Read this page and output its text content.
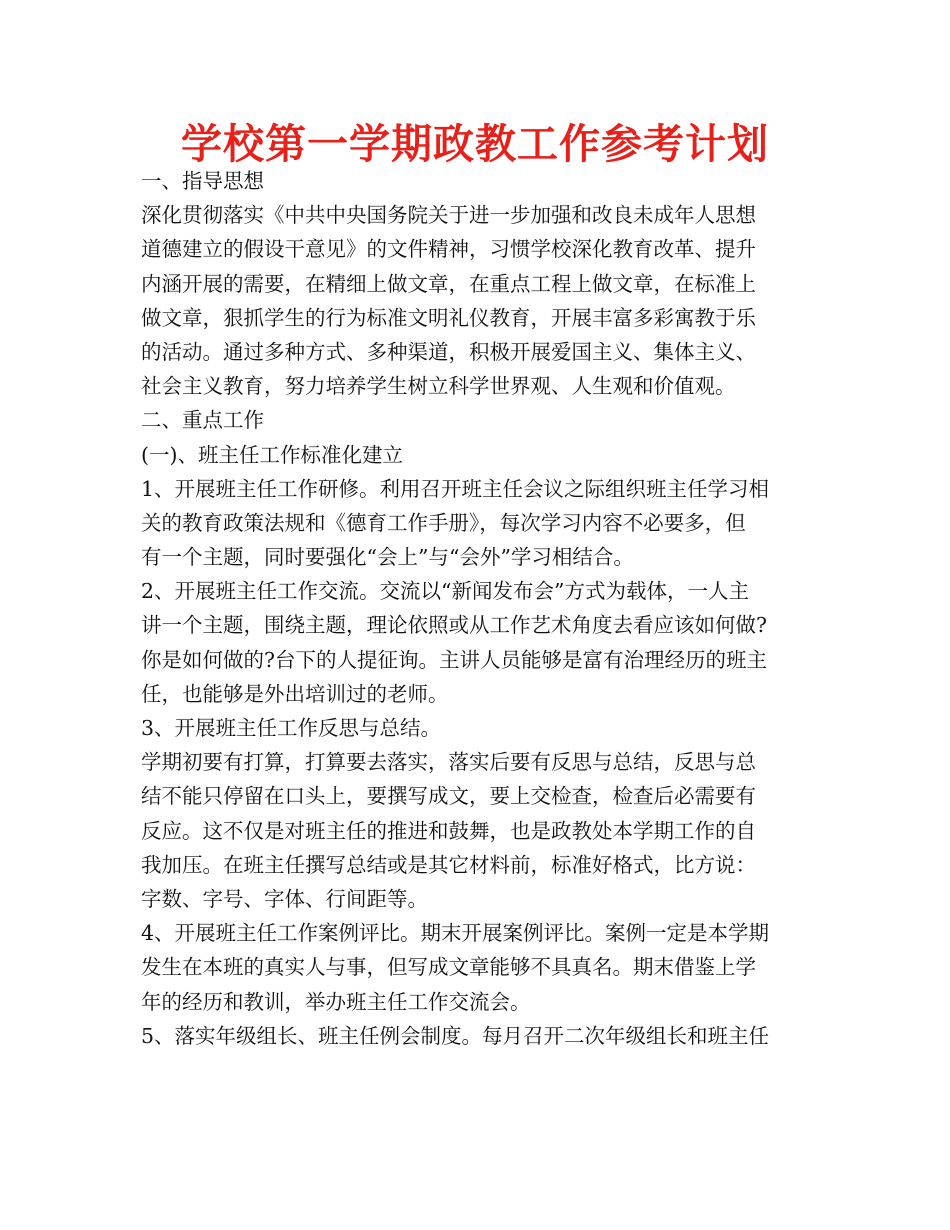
学校第一学期政教工作参考计划
一、指导思想
深化贯彻落实《中共中央国务院关于进一步加强和改良未成年人思想
道德建立的假设干意见》的文件精神，习惯学校深化教育改革、提升
内涵开展的需要，在精细上做文章，在重点工程上做文章，在标准上
做文章，狠抓学生的行为标准文明礼仪教育，开展丰富多彩寓教于乐
的活动。通过多种方式、多种渠道，积极开展爱国主义、集体主义、
社会主义教育，努力培养学生树立科学世界观、人生观和价值观。
二、重点工作
(一)、班主任工作标准化建立
1、开展班主任工作研修。利用召开班主任会议之际组织班主任学习相
关的教育政策法规和《德育工作手册》，每次学习内容不必要多，但
有一个主题，同时要强化“会上”与“会外”学习相结合。
2、开展班主任工作交流。交流以“新闻发布会”方式为载体，一人主
讲一个主题，围绕主题，理论依照或从工作艺术角度去看应该如何做?
你是如何做的?台下的人提征询。主讲人员能够是富有治理经历的班主
任，也能够是外出培训过的老师。
3、开展班主任工作反思与总结。
学期初要有打算，打算要去落实，落实后要有反思与总结，反思与总
结不能只停留在口头上，要撰写成文，要上交检查，检查后必需要有
反应。这不仅是对班主任的推进和鼓舞，也是政教处本学期工作的自
我加压。在班主任撰写总结或是其它材料前，标准好格式，比方说：
字数、字号、字体、行间距等。
4、开展班主任工作案例评比。期末开展案例评比。案例一定是本学期
发生在本班的真实人与事，但写成文章能够不具真名。期末借鉴上学
年的经历和教训，举办班主任工作交流会。
5、落实年级组长、班主任例会制度。每月召开二次年级组长和班主任
